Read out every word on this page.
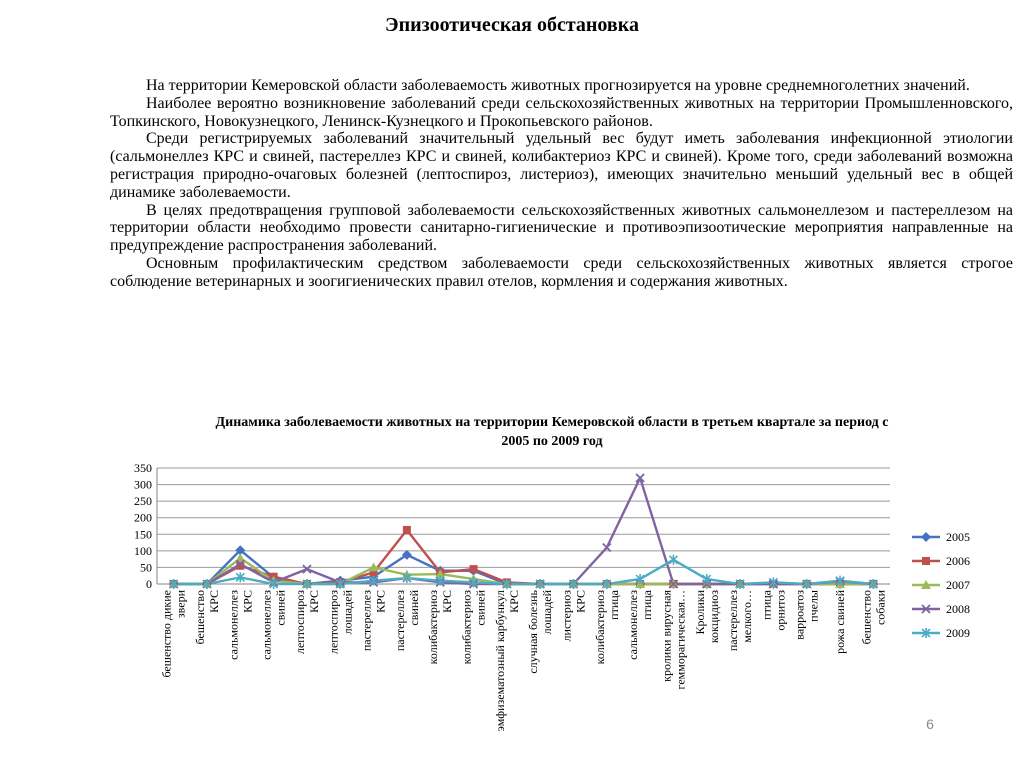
Эпизоотическая обстановка

На территории Кемеровской области заболеваемость животных прогнозируется на уровне среднемноголетних значений.

Наиболее вероятно возникновение заболеваний среди сельскохозяйственных животных на территории Промышленновского, Топкинского, Новокузнецкого, Ленинск-Кузнецкого и Прокопьевского районов.

Среди регистрируемых заболеваний значительный удельный вес будут иметь заболевания инфекционной этиологии (сальмонеллез КРС и свиней, пастереллез КРС и свиней, колибактериоз КРС и свиней). Кроме того, среди заболеваний возможна регистрация природно-очаговых болезней (лептоспироз, листериоз), имеющих значительно меньший удельный вес в общей динамике заболеваемости.

В целях предотвращения групповой заболеваемости сельскохозяйственных животных сальмонеллезом и пастереллезом на территории области необходимо провести санитарно-гигиенические и противоэпизоотические мероприятия направленные на предупреждение распространения заболеваний.

Основным профилактическим средством заболеваемости среди сельскохозяйственных животных является строгое соблюдение ветеринарных и зоогигиенических правил отелов, кормления и содержания животных.

Динамика заболеваемости животных на территории Кемеровской области в третьем квартале за период с 2005 по 2009 год
0
50
100
150
200
250
300
350
бешенство дикиезвери бешенствоКРС сальмонеллезКРС сальмонеллезсвиней лептоспирозКРС лептоспирозлошадей пастереллезКРС пастереллезсвиней колибактериозКРС колибактериозсвиней эмфизематозный карбункулКРС случная болезньлошадей листериозКРС колибактериозптица сальмонеллезптица кролики вируснаягеммoрагическая… Кроликикокцидиоз пастереллезмелкого… птицаорнитоз варроатозпчелы рожа свиней бешенствособаки
2005
2006
2007
2008
2009
6
